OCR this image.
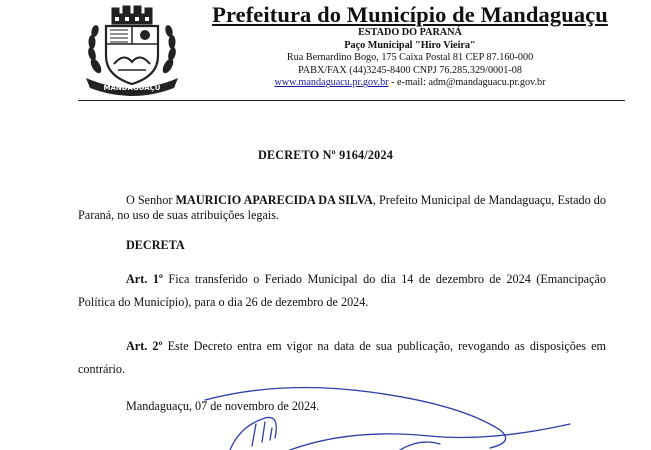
MANDAGUAÇU
Prefeitura do Município de Mandaguaçu
ESTADO DO PARANÁ
Paço Municipal "Hiro Vieira"
Rua Bernardino Bogo, 175 Caixa Postal 81 CEP 87.160-000
PABX/FAX (44)3245-8400 CNPJ 76.285.329/0001-08
www.mandaguacu.pr.gov.br - e-mail: adm@mandaguacu.pr.gov.br
DECRETO Nº 9164/2024
O Senhor MAURICIO APARECIDA DA SILVA, Prefeito Municipal de Mandaguaçu, Estado do Paraná, no uso de suas atribuições legais.
DECRETA
Art. 1º Fica transferido o Feriado Municipal do dia 14 de dezembro de 2024 (Emancipação Política do Município), para o dia 26 de dezembro de 2024.
Art. 2º Este Decreto entra em vigor na data de sua publicação, revogando as disposições em contrário.
Mandaguaçu, 07 de novembro de 2024.
